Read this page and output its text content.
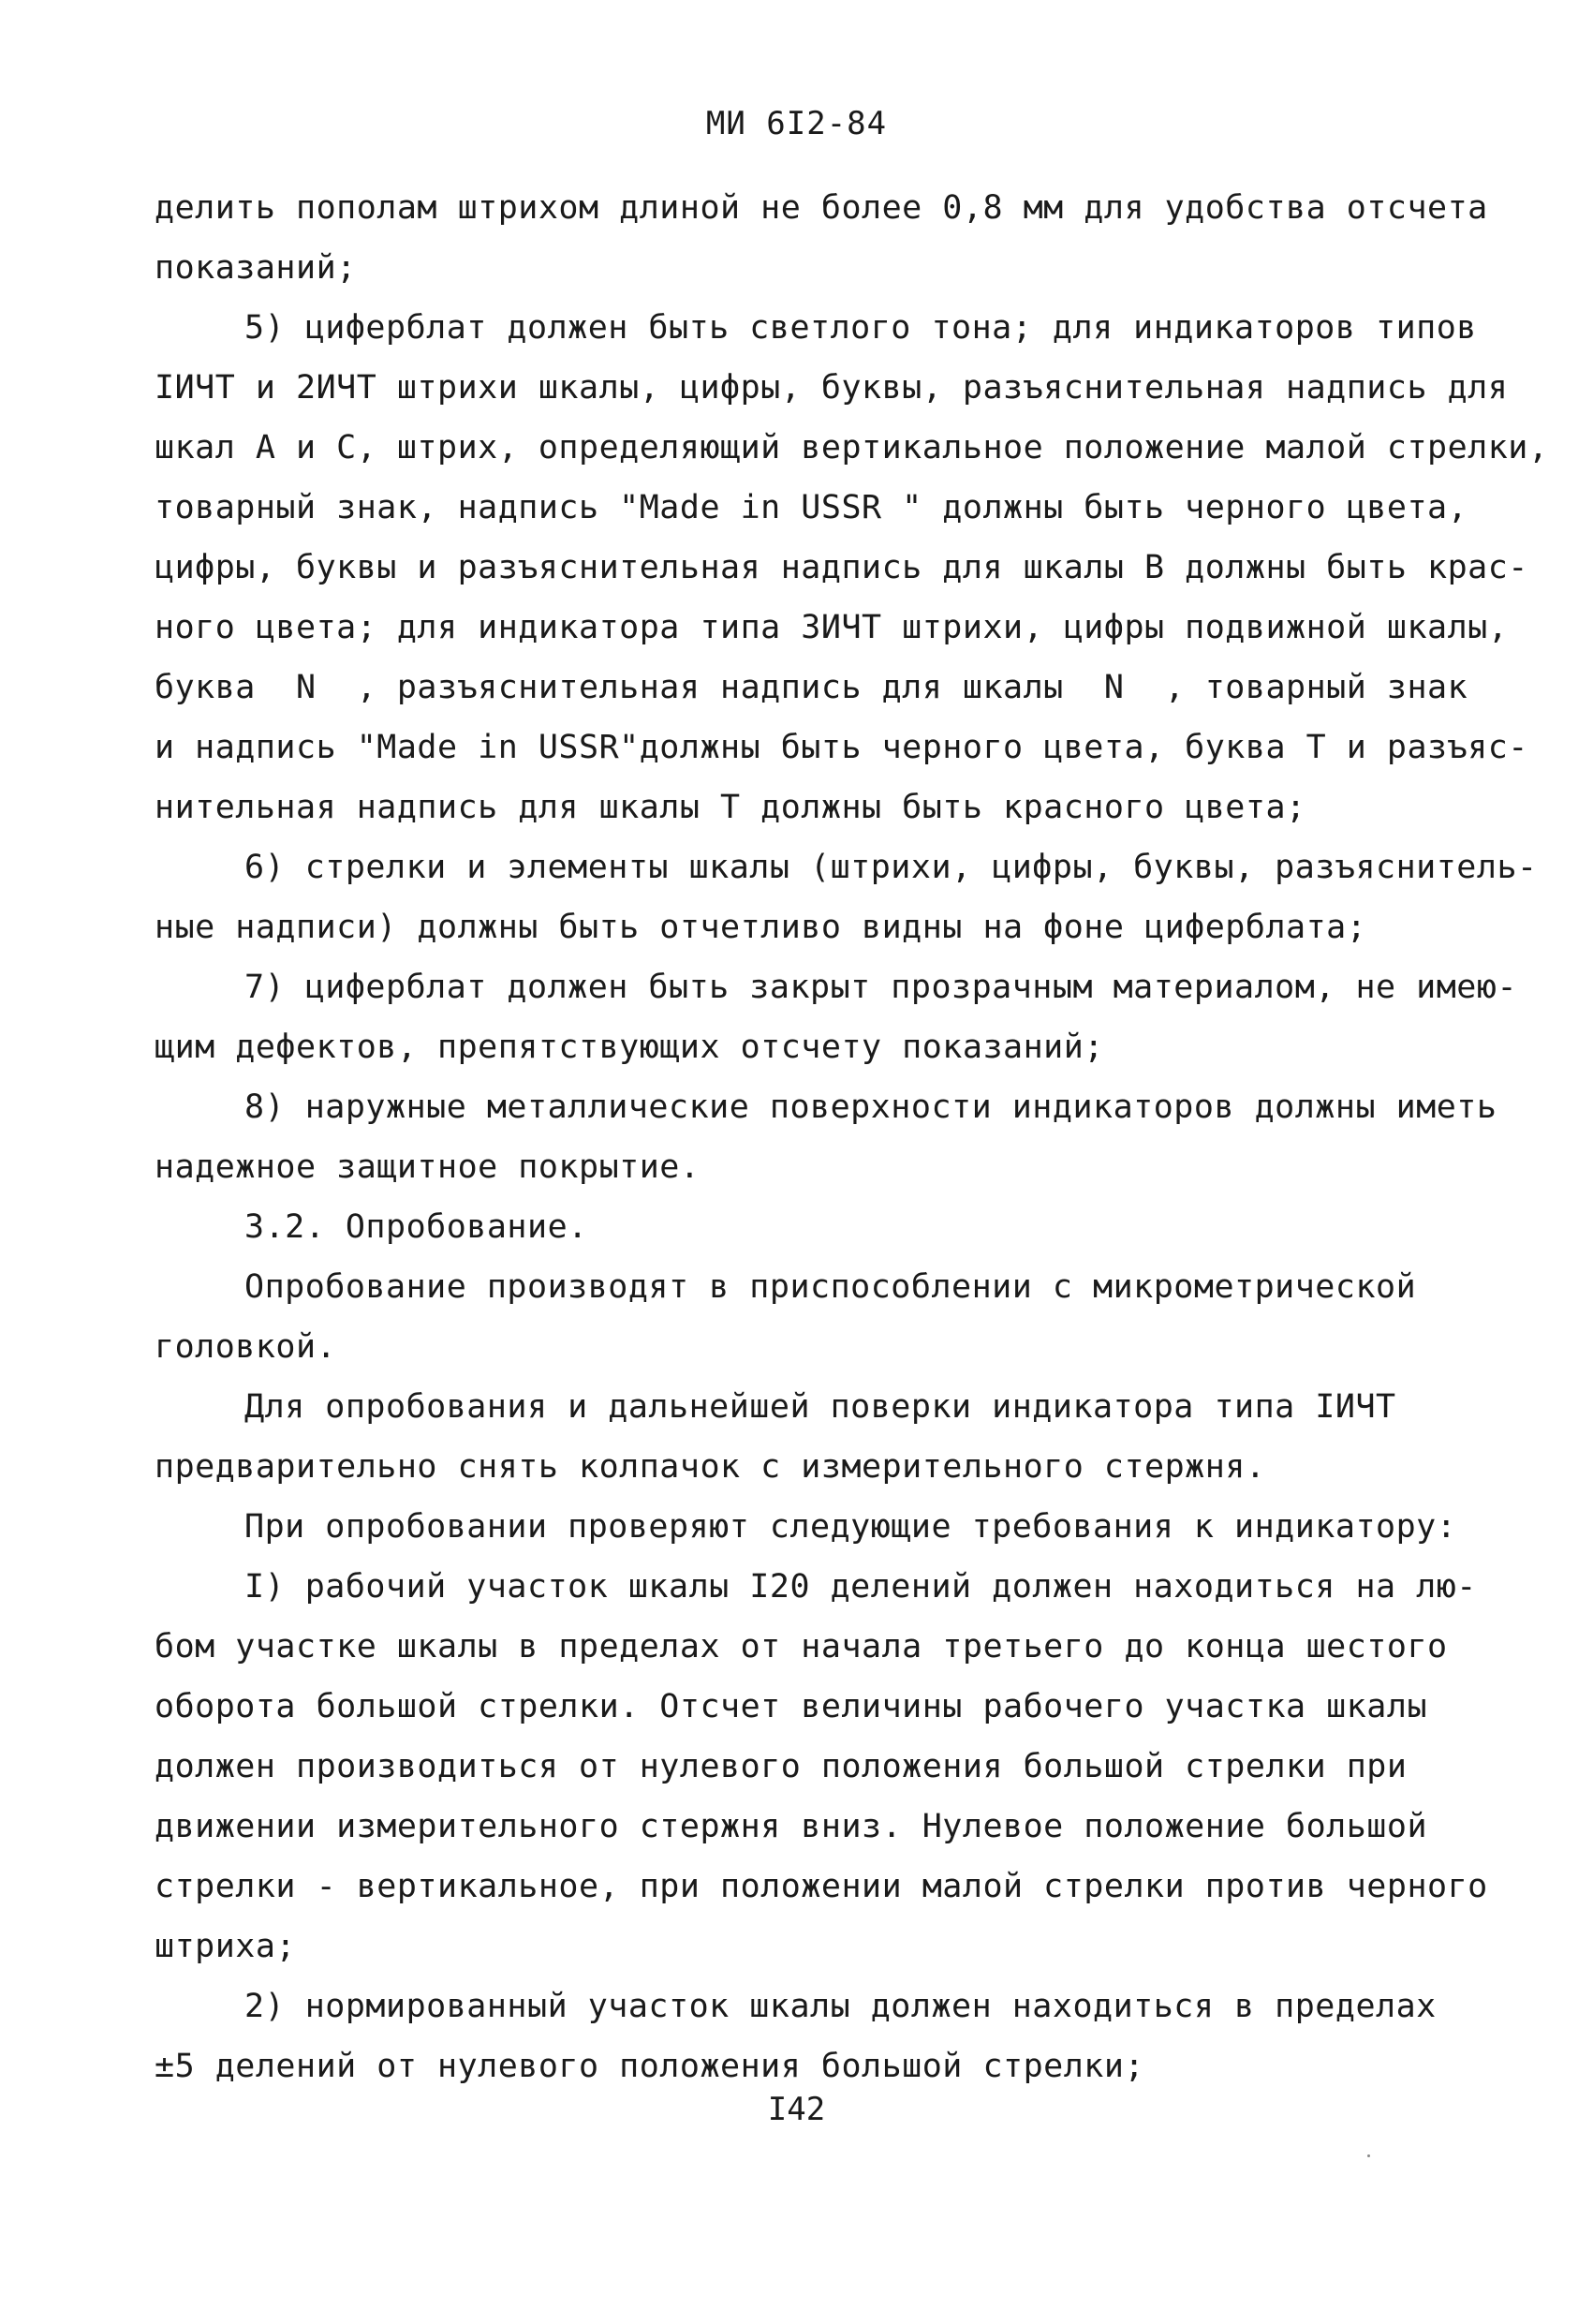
МИ 6I2-84
делить пополам штрихом длиной не более 0,8 мм для удобства отсчета
показаний;
5) циферблат должен быть светлого тона; для индикаторов типов
IИЧТ и 2ИЧТ штрихи шкалы, цифры, буквы, разъяснительная надпись для
шкал А и С, штрих, определяющий вертикальное положение малой стрелки,
товарный знак, надпись "Made in USSR " должны быть черного цвета,
цифры, буквы и разъяснительная надпись для шкалы В должны быть крас-
ного цвета; для индикатора типа 3ИЧТ штрихи, цифры подвижной шкалы,
буква  N  , разъяснительная надпись для шкалы  N  , товарный знак
и надпись "Made in USSR"должны быть черного цвета, буква Т и разъяс-
нительная надпись для шкалы Т должны быть красного цвета;
6) стрелки и элементы шкалы (штрихи, цифры, буквы, разъяснитель-
ные надписи) должны быть отчетливо видны на фоне циферблата;
7) циферблат должен быть закрыт прозрачным материалом, не имею-
щим дефектов, препятствующих отсчету показаний;
8) наружные металлические поверхности индикаторов должны иметь
надежное защитное покрытие.
3.2. Опробование.
Опробование производят в приспособлении с микрометрической
головкой.
Для опробования и дальнейшей поверки индикатора типа IИЧТ
предварительно снять колпачок с измерительного стержня.
При опробовании проверяют следующие требования к индикатору:
I) рабочий участок шкалы I20 делений должен находиться на лю-
бом участке шкалы в пределах от начала третьего до конца шестого
оборота большой стрелки. Отсчет величины рабочего участка шкалы
должен производиться от нулевого положения большой стрелки при
движении измерительного стержня вниз. Нулевое положение большой
стрелки - вертикальное, при положении малой стрелки против черного
штриха;
2) нормированный участок шкалы должен находиться в пределах
±5 делений от нулевого положения большой стрелки;
I42
